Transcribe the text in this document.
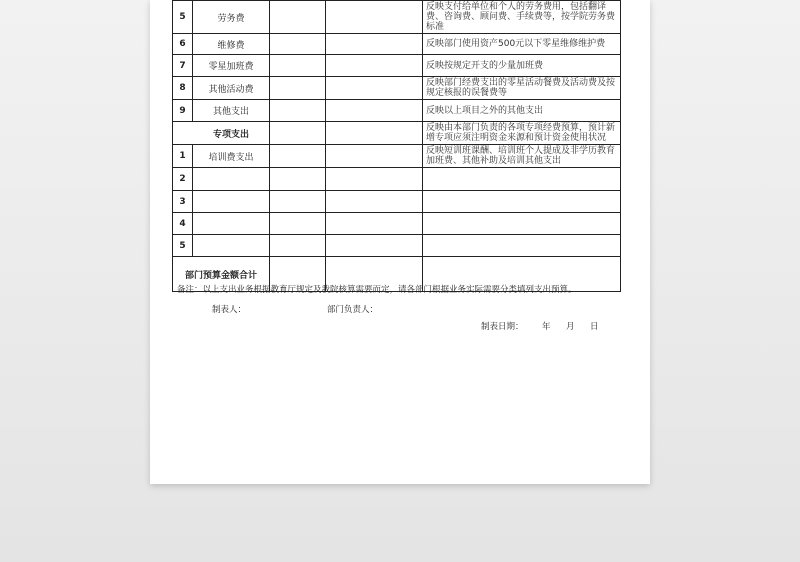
5	劳务费			反映支付给单位和个人的劳务费用，包括翻译费、咨询费、顾问费、手续费等，按学院劳务费标准
6	维修费			反映部门使用资产500元以下零星维修维护费
7	零星加班费			反映按规定开支的少量加班费
8	其他活动费			反映部门经费支出的零星活动餐费及活动费及按规定核报的误餐费等
9	其他支出			反映以上项目之外的其他支出
	专项支出			反映由本部门负责的各项专项经费预算，预计新增专项应须注明资金来源和预计资金使用状况
1	培训费支出			反映短训班课酬、培训班个人提成及非学历教育加班费、其他补助及培训其他支出
2				
3				
4				
5				
部门预算金额合计				
备注：以上支出业务根据教育厅规定及我院核算需要而定，请各部门根据业务实际需要分类填列支出预算。
制表人：	部门负责人：
制表日期： 年 月 日
